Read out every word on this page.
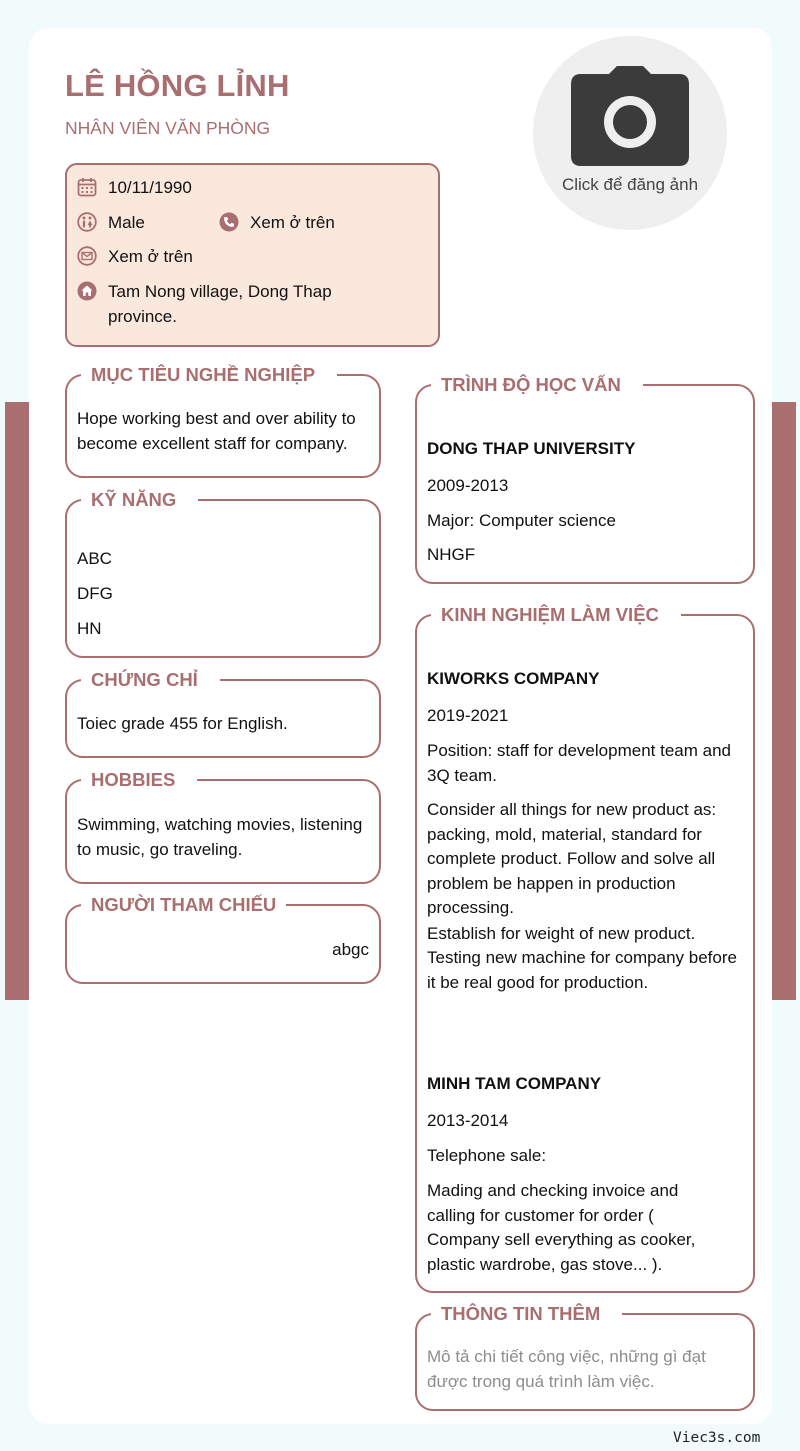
LÊ HỒNG LỈNH

NHÂN VIÊN VĂN PHÒNG

Click để đăng ảnh
10/11/1990
Male	Xem ở trên
Xem ở trên
Tam Nong village, Dong Thap province.
MỤC TIÊU NGHỀ NGHIỆP
Hope working best and over ability to become excellent staff for company.
KỸ NĂNG
ABC
DFG
HN
CHỨNG CHỈ
Toiec grade 455 for English.
HOBBIES
Swimming, watching movies, listening to music, go traveling.
NGƯỜI THAM CHIẾU
abgc
TRÌNH ĐỘ HỌC VẤN
DONG THAP UNIVERSITY
2009-2013
Major: Computer science
NHGF
KINH NGHIỆM LÀM VIỆC
KIWORKS COMPANY
2019-2021
Position: staff for development team and 3Q team.
Consider all things for new product as: packing, mold, material, standard for complete product. Follow and solve all problem be happen in production processing.
Establish for weight of new product.
Testing new machine for company before it be real good for production.
MINH TAM COMPANY
2013-2014
Telephone sale:
Mading and checking invoice and calling for customer for order ( Company sell everything as cooker, plastic wardrobe, gas stove... ).
THÔNG TIN THÊM
Mô tả chi tiết công việc, những gì đạt được trong quá trình làm việc.
Viec3s.com
